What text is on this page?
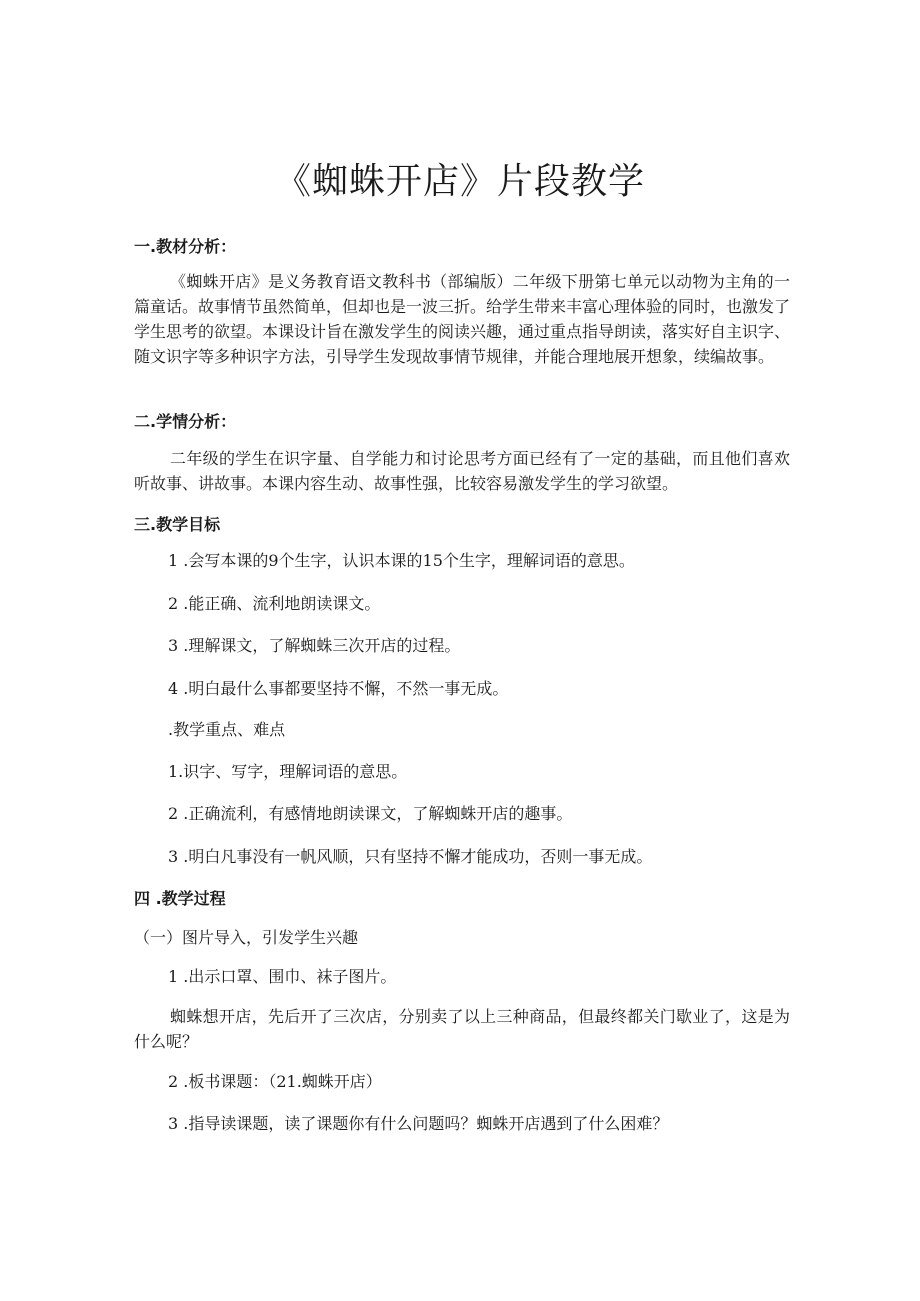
《蜘蛛开店》片段教学
一.教材分析：

《蜘蛛开店》是义务教育语文教科书（部编版）二年级下册第七单元以动物为主角的一篇童话。故事情节虽然简单，但却也是一波三折。给学生带来丰富心理体验的同时，也激发了学生思考的欲望。本课设计旨在激发学生的阅读兴趣，通过重点指导朗读，落实好自主识字、随文识字等多种识字方法，引导学生发现故事情节规律，并能合理地展开想象，续编故事。

二.学情分析：

二年级的学生在识字量、自学能力和讨论思考方面已经有了一定的基础，而且他们喜欢听故事、讲故事。本课内容生动、故事性强，比较容易激发学生的学习欲望。

三.教学目标
1 .会写本课的9个生字，认识本课的15个生字，理解词语的意思。
2 .能正确、流利地朗读课文。
3 .理解课文，了解蜘蛛三次开店的过程。
4 .明白最什么事都要坚持不懈，不然一事无成。
.教学重点、难点
1.识字、写字，理解词语的意思。
2 .正确流利，有感情地朗读课文，了解蜘蛛开店的趣事。
3 .明白凡事没有一帆风顺，只有坚持不懈才能成功，否则一事无成。
四 .教学过程
（一）图片导入，引发学生兴趣
1 .出示口罩、围巾、袜子图片。

蜘蛛想开店，先后开了三次店，分别卖了以上三种商品，但最终都关门歇业了，这是为什么呢？

2 .板书课题：（21.蜘蛛开店）
3 .指导读课题，读了课题你有什么问题吗？蜘蛛开店遇到了什么困难？
